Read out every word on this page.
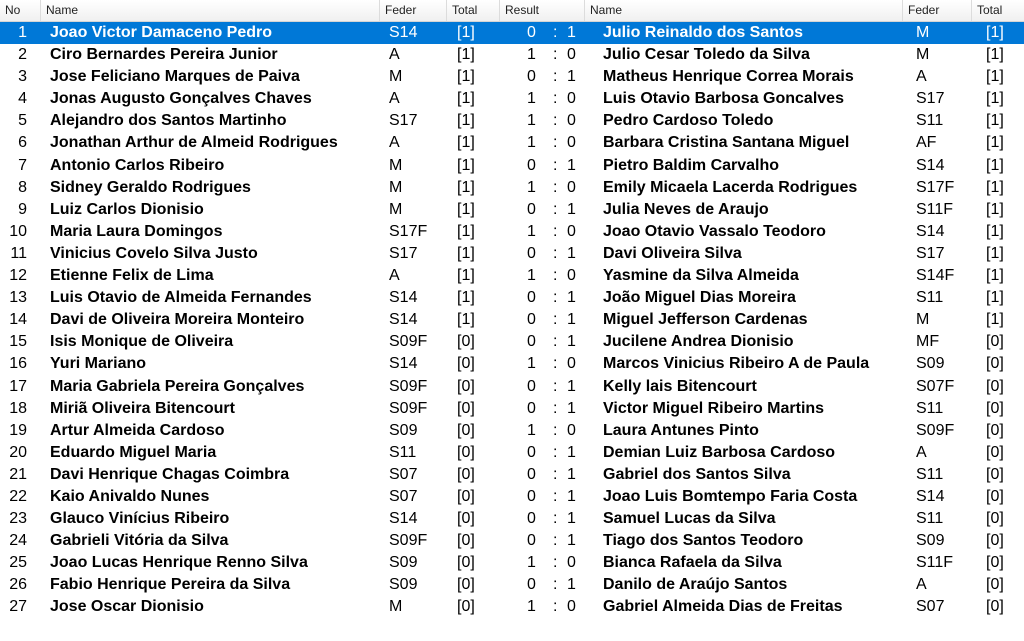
No	Name	Feder	Total	Result	Name	Feder	Total
1 Joao Victor Damaceno Pedro	S14	[1]	0 : 1 Julio Reinaldo dos Santos	M	[1]
2 Ciro Bernardes Pereira Junior	A	[1]	1 : 0 Julio Cesar Toledo da Silva	M	[1]
3 Jose Feliciano Marques de Paiva	M	[1]	0 : 1 Matheus Henrique Correa Morais	A	[1]
4 Jonas Augusto Gonçalves Chaves	A	[1]	1 : 0 Luis Otavio Barbosa Goncalves	S17	[1]
5 Alejandro dos Santos Martinho	S17	[1]	1 : 0 Pedro Cardoso Toledo	S11	[1]
6 Jonathan Arthur de Almeid Rodrigues	A	[1]	1 : 0 Barbara Cristina Santana Miguel	AF	[1]
7 Antonio Carlos Ribeiro	M	[1]	0 : 1 Pietro Baldim Carvalho	S14	[1]
8 Sidney Geraldo Rodrigues	M	[1]	1 : 0 Emily Micaela Lacerda Rodrigues	S17F	[1]
9 Luiz Carlos Dionisio	M	[1]	0 : 1 Julia Neves de Araujo	S11F	[1]
10 Maria Laura Domingos	S17F	[1]	1 : 0 Joao Otavio Vassalo Teodoro	S14	[1]
11 Vinicius Covelo Silva Justo	S17	[1]	0 : 1 Davi Oliveira Silva	S17	[1]
12 Etienne Felix de Lima	A	[1]	1 : 0 Yasmine da Silva Almeida	S14F	[1]
13 Luis Otavio de Almeida Fernandes	S14	[1]	0 : 1 João Miguel Dias Moreira	S11	[1]
14 Davi de Oliveira Moreira Monteiro	S14	[1]	0 : 1 Miguel Jefferson Cardenas	M	[1]
15 Isis Monique de Oliveira	S09F	[0]	0 : 1 Jucilene Andrea Dionisio	MF	[0]
16 Yuri Mariano	S14	[0]	1 : 0 Marcos Vinicius Ribeiro A de Paula	S09	[0]
17 Maria Gabriela Pereira Gonçalves	S09F	[0]	0 : 1 Kelly lais Bitencourt	S07F	[0]
18 Miriã Oliveira Bitencourt	S09F	[0]	0 : 1 Victor Miguel Ribeiro Martins	S11	[0]
19 Artur Almeida Cardoso	S09	[0]	1 : 0 Laura Antunes Pinto	S09F	[0]
20 Eduardo Miguel Maria	S11	[0]	0 : 1 Demian Luiz Barbosa Cardoso	A	[0]
21 Davi Henrique Chagas Coimbra	S07	[0]	0 : 1 Gabriel dos Santos Silva	S11	[0]
22 Kaio Anivaldo Nunes	S07	[0]	0 : 1 Joao Luis Bomtempo Faria Costa	S14	[0]
23 Glauco Vinícius Ribeiro	S14	[0]	0 : 1 Samuel Lucas da Silva	S11	[0]
24 Gabrieli Vitória da Silva	S09F	[0]	0 : 1 Tiago dos Santos Teodoro	S09	[0]
25 Joao Lucas Henrique Renno Silva	S09	[0]	1 : 0 Bianca Rafaela da Silva	S11F	[0]
26 Fabio Henrique Pereira da Silva	S09	[0]	0 : 1 Danilo de Araújo Santos	A	[0]
27 Jose Oscar Dionisio	M	[0]	1 : 0 Gabriel Almeida Dias de Freitas	S07	[0]
